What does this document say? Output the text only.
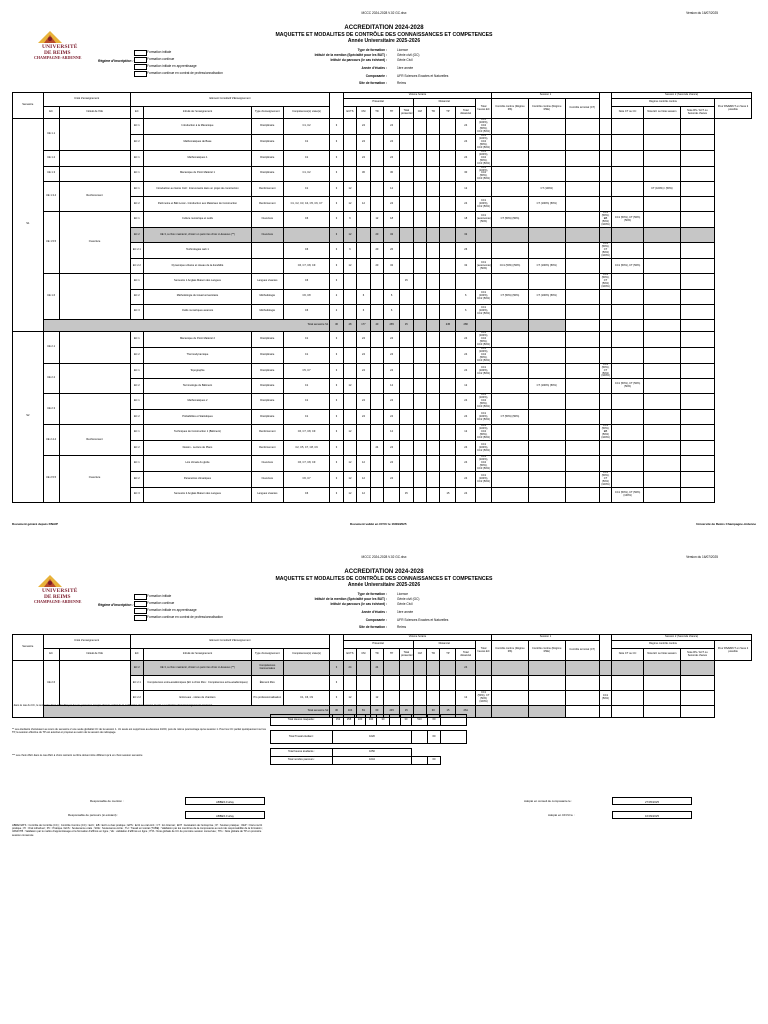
MCCC 2024-2028 V.02 GC.xlsx	Version du 16/07/2025
UNIVERSITÉ
DE REIMS
CHAMPAGNE-ARDENNE
ACCREDITATION 2024-2028
MAQUETTE ET MODALITES DE CONTRÔLE DES CONNAISSANCES ET COMPETENCES
Année Universitaire 2025-2026
Régime d'inscription :
Formation initiale
Formation continue
Formation initiale en apprentissage
Formation continue en contrat de professionnalisation
Type de formation :	Licence
Intitulé de la mention (Spécialité pour les BUT) :	Génie civil (GC)
Intitulé du parcours (le cas échéant) :	Génie Civil
Année d'études :	1ère année
Composante :	UFR Sciences Exactes et Naturelles
Site de formation :	Reims
Semestre	Unité d'enseignement		Elément Constitutif d'Enseignement					Volume horaire										Session 1				Session 2 (Seconde chance)			
								Présentiel					Distanciel				Total heures EC	Contrôle continu (Régime RS)	Contrôle continu (Régime RSE)	Contrôle terminal (CT)		Régime contrôle continu			Pour RS/EB/CT en Sess 2 possible
	EC	Intitulé de l'UE	EC	Intitulé de l'enseignement	Type d'enseignement	Compétences(s) visée(s)		ECTS	CM	TD	TP	Total présentiel	CM	TD	TP	Total distanciel						Note CT ou CC	Note EC ou Note session	Note RS / ACT ou Seconde chance	
S1	UE 1.1		EC 1	Introduction à la Mécanique	Disciplinaire	C1, C2	3		24		24					24	CC1 (100%), CC2 (50%), CC3 (50%)								
			EC 2	Mathématiques de Base	Disciplinaire	C1	3		24		24					24	CC1 (100%), CC2 (50%), CC3 (50%)								
	UE 1.2		EC 1	Mathématiques 1	Disciplinaire	C1	3		24		24					24	CC1 (100%), CC2 (50%), CC3 (50%)								
	UE 1.3		EC 1	Mécanique du Point Matériel 1	Disciplinaire	C1, C2	3		30		30					30	CC1 (100%), CC2 (50%), CC3 (50%)								
	UE 1.3.4	Renforcement	EC 1	Introduction au Génie Civil : Intervenants dans un projet de construction	Renforcement	C1	3	12			12					12			CT (100%)				CT (100%) / (50%)		
			EC 2	Patrimoine et Bâti Local - Introduction aux Matériaux de Construction	Renforcement	C1, C2, C3, C4, C5, C6, C7	3	12	12		24					24	CC1 (100%), CC2 (50%)		CT (100%) (50%)						
	UE 1.5.5	Ouverture	EC 1	Culture numérique et outils	Ouverture	C6	3	6		12	18					18	CC1 (autonomie) (50%)	CT (50%) (50%)			CC1 (50%), EB (50%) (100%)	CC1 (50%), CT (50%) (50%)			
			EC 2	UE 3, à choix maintenir, choisir un parmi les choix ci-dessous (**)	Ouverture		3	12		20	32					32									
			EC 2.1	Technologies web 1		C6	3	6		20	26					26					CC1 (50%), CT (50%) (100%)				
			EC 2.2	Dynamique urbaine et réseau de la durabilité		C6, C7, C8, C9	3	12		20	32					32	CC1 (autonomie) (50%)	CC1 (50%) (50%)	CT (100%) (50%)			CC1 (50%), CT (50%)			
	UE 1.6		EC 1	Semestre 1 Anglais Maison des Langues	Langues vivantes	C6	3					15									CC1 (50%), CT (50%) (100%)				
			EC 2	Méthodologie du travail universitaire	Méthodologie	C6, C8	2		6		6					6	CC1 (100%), CC2 (50%)	CT (50%) (50%)	CT (100%) (50%)						
			EC 3	Outils numériques avancés	Méthodologie	C6	2		6		6					6	CC1 (100%), CC2 (50%)								
	Total semestre S1						30	48	177	40	265	15			245	280									
S2	UE 2.1		EC 1	Mécanique du Point Matériel 2	Disciplinaire	C1	3		24		24					24	CC1 (100%), CC2 (50%), CC3 (50%)								
			EC 2	Thermodynamique	Disciplinaire	C1	3		24		24					24	CC1 (100%), CC2 (50%), CC3 (50%)								
	UE 2.2		EC 1	Topographie	Disciplinaire	C5, C7	3		24		24					24	CC1 (100%), CC2 (50%)				CC1 (50%), CT (50%) (100%)				
			EC 2	Terminologie du Bâtiment	Disciplinaire	C1	3	12			12					12			CT (100%) (50%)			CC1 (50%), CT (50%) (50%)			
	UE 2.3		EC 1	Mathématiques 2	Disciplinaire	C1	3		24		24					24	CC1 (100%), CC2 (50%), CC3 (50%)								
			EC 2	Probabilités et Statistiques	Disciplinaire	C1	3		24		24					24	CC1 (100%), CC2 (50%)	CT (50%) (50%)							
	UE 2.4.4	Renforcement	EC 1	Techniques de Construction 1 (Bâtiment)	Renforcement	C6, C7, C8, C9	3	12			12					12	CC1 (100%), CC2 (50%), CC3 (50%)				CC1 (50%), EB (50%) (100%)				
			EC 2	Dessin - Lecture de Plans	Renforcement	C2, C5, C7, C8, C9	3			24	24					24	CC1 (100%), CC2 (50%)								
	UE 2.5.5	Ouverture	EC 1	Lois climats du globe	Ouverture	C6, C7, C8, C9	3	12	12		24					24	CC1 (100%), CC2 (50%), CC3 (50%)								
			EC 2	Paramètres climatiques	Ouverture	C6, C7	3	12	12		24					24	CC1 (100%), CC2 (50%)				CC1 (50%), CT (50%) (100%)				
			EC 3	Semestre 2 Anglais Maison des Langues	Langues vivantes	C6	3	12	12			15			15	24						CC1 (50%), CT (50%) (100%)			
Document généré depuis DNAIP	Document validé en CFVU le 16/09/2025	Université de Reims Champagne-Ardenne
MCCC 2024-2028 V.02 GC.xlsx	Version du 16/07/2025
UNIVERSITÉ
DE REIMS
CHAMPAGNE-ARDENNE
ACCREDITATION 2024-2028
MAQUETTE ET MODALITES DE CONTRÔLE DES CONNAISSANCES ET COMPETENCES
Année Universitaire 2025-2026
Régime d'inscription :
Formation initiale
Formation continue
Formation initiale en apprentissage
Formation continue en contrat de professionnalisation
Type de formation :	Licence
Intitulé de la mention (Spécialité pour les BUT) :	Génie civil (GC)
Intitulé du parcours (le cas échéant) :	Génie Civil
Année d'études :	1ère année
Composante :	UFR Sciences Exactes et Naturelles
Site de formation :	Reims
Semestre	Unité d'enseignement		Elément Constitutif d'Enseignement					Volume horaire										Session 1				Session 2 (Seconde chance)			
								Présentiel					Distanciel				Total heures EC	Contrôle continu (Régime RS)	Contrôle continu (Régime RSE)	Contrôle terminal (CT)		Régime contrôle continu			Pour RS/EB/CT en Sess 2 possible
	EC	Intitulé de l'UE	EC	Intitulé de l'enseignement	Type d'enseignement	Compétences(s) visée(s)		ECTS	CM	TD	TP	Total présentiel	CM	TD	TP	Total distanciel						Note CT ou CC	Note EC ou Note session	Note RS / ACT ou Seconde chance	
	UE 2.6		EC 2	UE 3, à choix maintenir, choisir un parmi les choix ci-dessous (**)	Compétences transversales		3	24		24						24									
			EC 2.1	Compétences extra-académiques (EC à choix libre : Compétences extra-académiques)	Élément libre		3																		
			EC 2.2	Entrevues - visites de chantiers	Pro professionnalisation	C1, C6, C9	3	12		12						12	CC1 (50%), CT (50%) (100%)				CC1 (50%)				
	Total semestre S2						30	104	81	60	245	15		30	15	261									
* dans le cas du CC, le semestre dans ce feuillet par lui une personne compte dans le calcul de la notification de la session de CC. La sélection dans l'enseignement concerné
** Les étudiants choisissent au cours du semestre 2 une seule globalité CC de la session 1. Un seule est supprimée au-dessous 10/20, puis de même pourcentage qu'au session 1. Pour les CC partiel quotiquement sur les TP, la session effective du TP est autorisé et proposé au selon de la session de rattrapage.
*** Les choix d'EC dans le cas d'EC à choix restreint ou libre doivent être différent qu'à un choix session semestre
Total Heures maquette :	152	258	100	490	30		30	510	60	

Total Travail étudiant :	1020								60	

Total heures étudiants :	1050									
Total nombre parcours :	1044								60	
Responsable de mention :	ABBES Furlay
Responsable de parcours (si existant) :	ABBES Furlay
Adopté en conseil de composante le :	27/05/2025
Adopté en CFVU le :	16/09/2025
ABREVIATS : Contrôle de Contrôle (CC) ; Contrôle Continu (CC) : Ecrit ; EB : Ecrit ou bac pratique ; EPS : Ecrit ou oral écrit ; CT : En Internat ; ENT : Evaluation de l'entreprise ; IP : Soutien pratique ; OEP : Oral et écrit pratique ; PI : Oral individuel ; PC : Pratique / ECS : Soutenance orale ; SOE : Soutenance écrite ; TH : Travail en tutorat (TUBE) : Validation par les membres de la composante au suivi de responsabilité de la formation ; VAM/VTB : Validation par le maître d'apprentissage et la formation d'affirmé en ligne ; VE : validation d'affirmé en ligne ; PTA : Note globale de CC de première session conservée ; TPs : Note globale de TP en première session conservée
